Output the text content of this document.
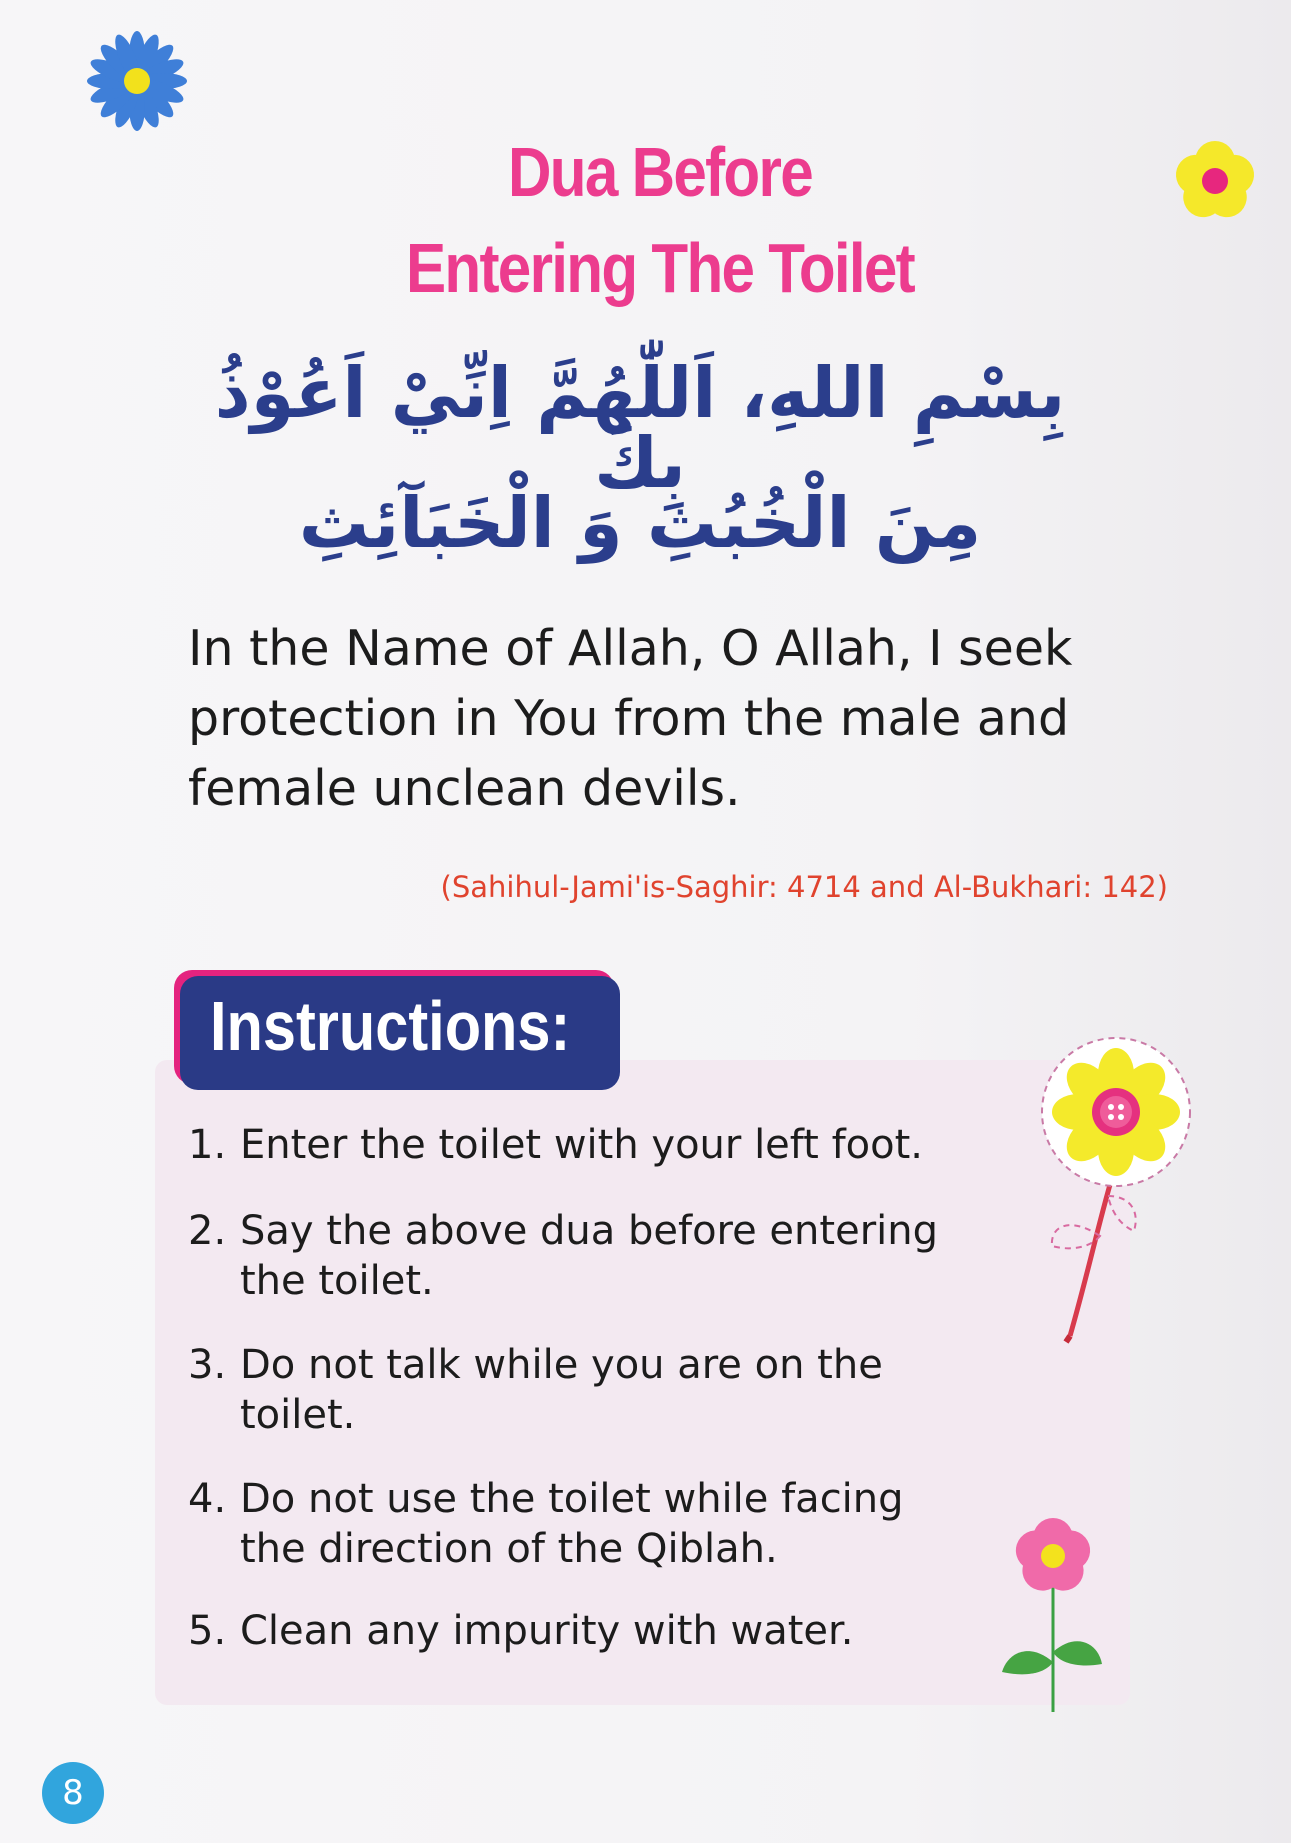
Dua Before
Entering The Toilet
بِسْمِ اللهِ، اَللّٰهُمَّ اِنِّيْ اَعُوْذُ بِكَ
مِنَ الْخُبُثِ وَ الْخَبَآئِثِ
In the Name of Allah, O Allah, I seek protection in You from the male and female unclean devils.
(Sahihul-Jami'is-Saghir: 4714 and Al-Bukhari: 142)
Instructions:
1. Enter the toilet with your left foot.
2. Say the above dua before entering the toilet.
3. Do not talk while you are on the toilet.
4. Do not use the toilet while facing the direction of the Qiblah.
5. Clean any impurity with water.
8
